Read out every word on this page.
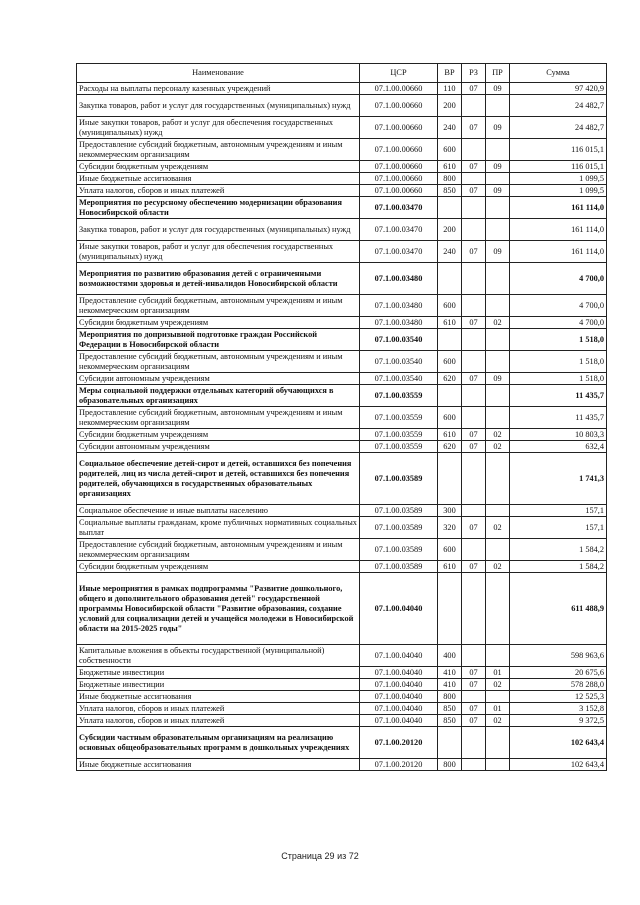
Наименование	ЦСР	ВР	РЗ	ПР	Сумма
Расходы на выплаты персоналу казенных учреждений	07.1.00.00660	110	07	09	97 420,9
Закупка товаров, работ и услуг для государственных (муниципальных) нужд	07.1.00.00660	200			24 482,7
Иные закупки товаров, работ и услуг для обеспечения государственных (муниципальных) нужд	07.1.00.00660	240	07	09	24 482,7
Предоставление субсидий бюджетным, автономным учреждениям и иным некоммерческим организациям	07.1.00.00660	600			116 015,1
Субсидии бюджетным учреждениям	07.1.00.00660	610	07	09	116 015,1
Иные бюджетные ассигнования	07.1.00.00660	800			1 099,5
Уплата налогов, сборов и иных платежей	07.1.00.00660	850	07	09	1 099,5
Мероприятия по ресурсному обеспечению модернизации образования Новосибирской области	07.1.00.03470				161 114,0
Закупка товаров, работ и услуг для государственных (муниципальных) нужд	07.1.00.03470	200			161 114,0
Иные закупки товаров, работ и услуг для обеспечения государственных (муниципальных) нужд	07.1.00.03470	240	07	09	161 114,0
Мероприятия по развитию образования детей с ограниченными возможностями здоровья и детей-инвалидов Новосибирской области	07.1.00.03480				4 700,0
Предоставление субсидий бюджетным, автономным учреждениям и иным некоммерческим организациям	07.1.00.03480	600			4 700,0
Субсидии бюджетным учреждениям	07.1.00.03480	610	07	02	4 700,0
Мероприятия по допризывной подготовке граждан Российской Федерации в Новосибирской области	07.1.00.03540				1 518,0
Предоставление субсидий бюджетным, автономным учреждениям и иным некоммерческим организациям	07.1.00.03540	600			1 518,0
Субсидии автономным учреждениям	07.1.00.03540	620	07	09	1 518,0
Меры социальной поддержки отдельных категорий обучающихся в образовательных организациях	07.1.00.03559				11 435,7
Предоставление субсидий бюджетным, автономным учреждениям и иным некоммерческим организациям	07.1.00.03559	600			11 435,7
Субсидии бюджетным учреждениям	07.1.00.03559	610	07	02	10 803,3
Субсидии автономным учреждениям	07.1.00.03559	620	07	02	632,4
Социальное обеспечение детей-сирот и детей, оставшихся без попечения родителей, лиц из числа детей-сирот и детей, оставшихся без попечения родителей, обучающихся в государственных образовательных организациях	07.1.00.03589				1 741,3
Социальное обеспечение и иные выплаты населению	07.1.00.03589	300			157,1
Социальные выплаты гражданам, кроме публичных нормативных социальных выплат	07.1.00.03589	320	07	02	157,1
Предоставление субсидий бюджетным, автономным учреждениям и иным некоммерческим организациям	07.1.00.03589	600			1 584,2
Субсидии бюджетным учреждениям	07.1.00.03589	610	07	02	1 584,2
Иные мероприятия в рамках подпрограммы "Развитие дошкольного, общего и дополнительного образования детей" государственной программы Новосибирской области "Развитие образования, создание условий для социализации детей и учащейся молодежи в Новосибирской области на 2015-2025 годы"	07.1.00.04040				611 488,9
Капитальные вложения в объекты государственной (муниципальной) собственности	07.1.00.04040	400			598 963,6
Бюджетные инвестиции	07.1.00.04040	410	07	01	20 675,6
Бюджетные инвестиции	07.1.00.04040	410	07	02	578 288,0
Иные бюджетные ассигнования	07.1.00.04040	800			12 525,3
Уплата налогов, сборов и иных платежей	07.1.00.04040	850	07	01	3 152,8
Уплата налогов, сборов и иных платежей	07.1.00.04040	850	07	02	9 372,5
Субсидии частным образовательным организациям на реализацию основных общеобразовательных программ в дошкольных учреждениях	07.1.00.20120				102 643,4
Иные бюджетные ассигнования	07.1.00.20120	800			102 643,4
Страница 29 из 72
